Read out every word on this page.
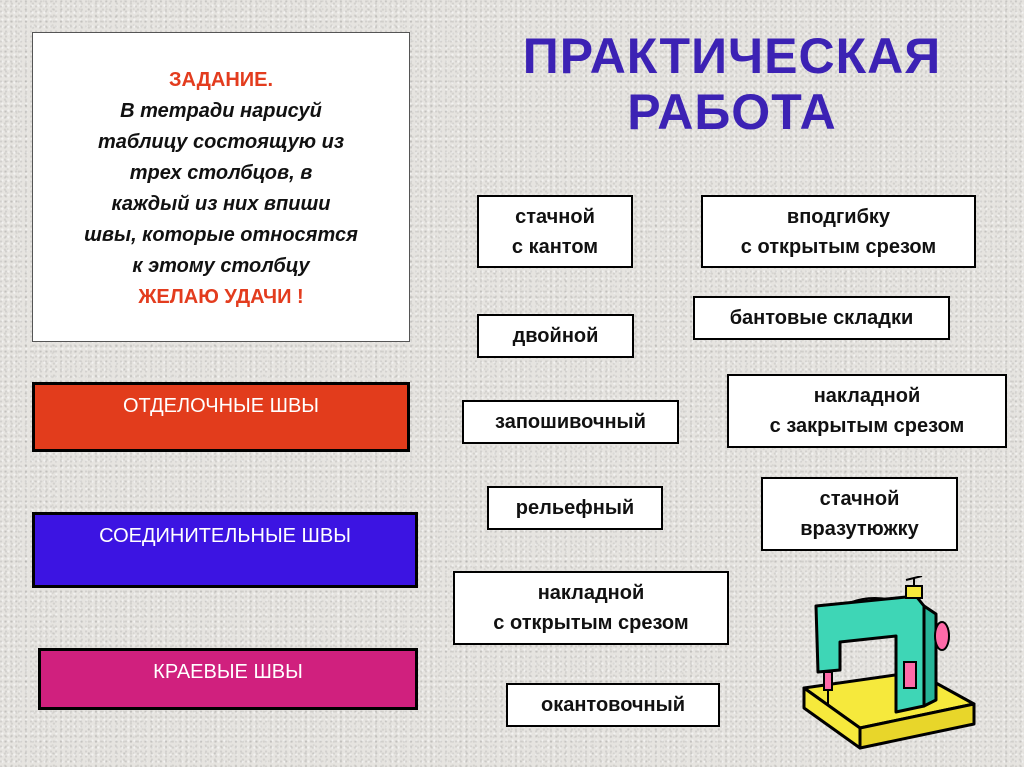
ЗАДАНИЕ.
В тетради нарисуй
таблицу состоящую из
трех столбцов, в
каждый из них впиши
швы, которые относятся
к этому столбцу
ЖЕЛАЮ УДАЧИ !
ПРАКТИЧЕСКАЯ
РАБОТА
ОТДЕЛОЧНЫЕ ШВЫ
СОЕДИНИТЕЛЬНЫЕ ШВЫ
КРАЕВЫЕ ШВЫ
стачной
с кантом
вподгибку
с открытым срезом
бантовые складки
двойной
накладной
с закрытым срезом
запошивочный
рельефный	стачной
вразутюжку
накладной
с открытым срезом
окантовочный
